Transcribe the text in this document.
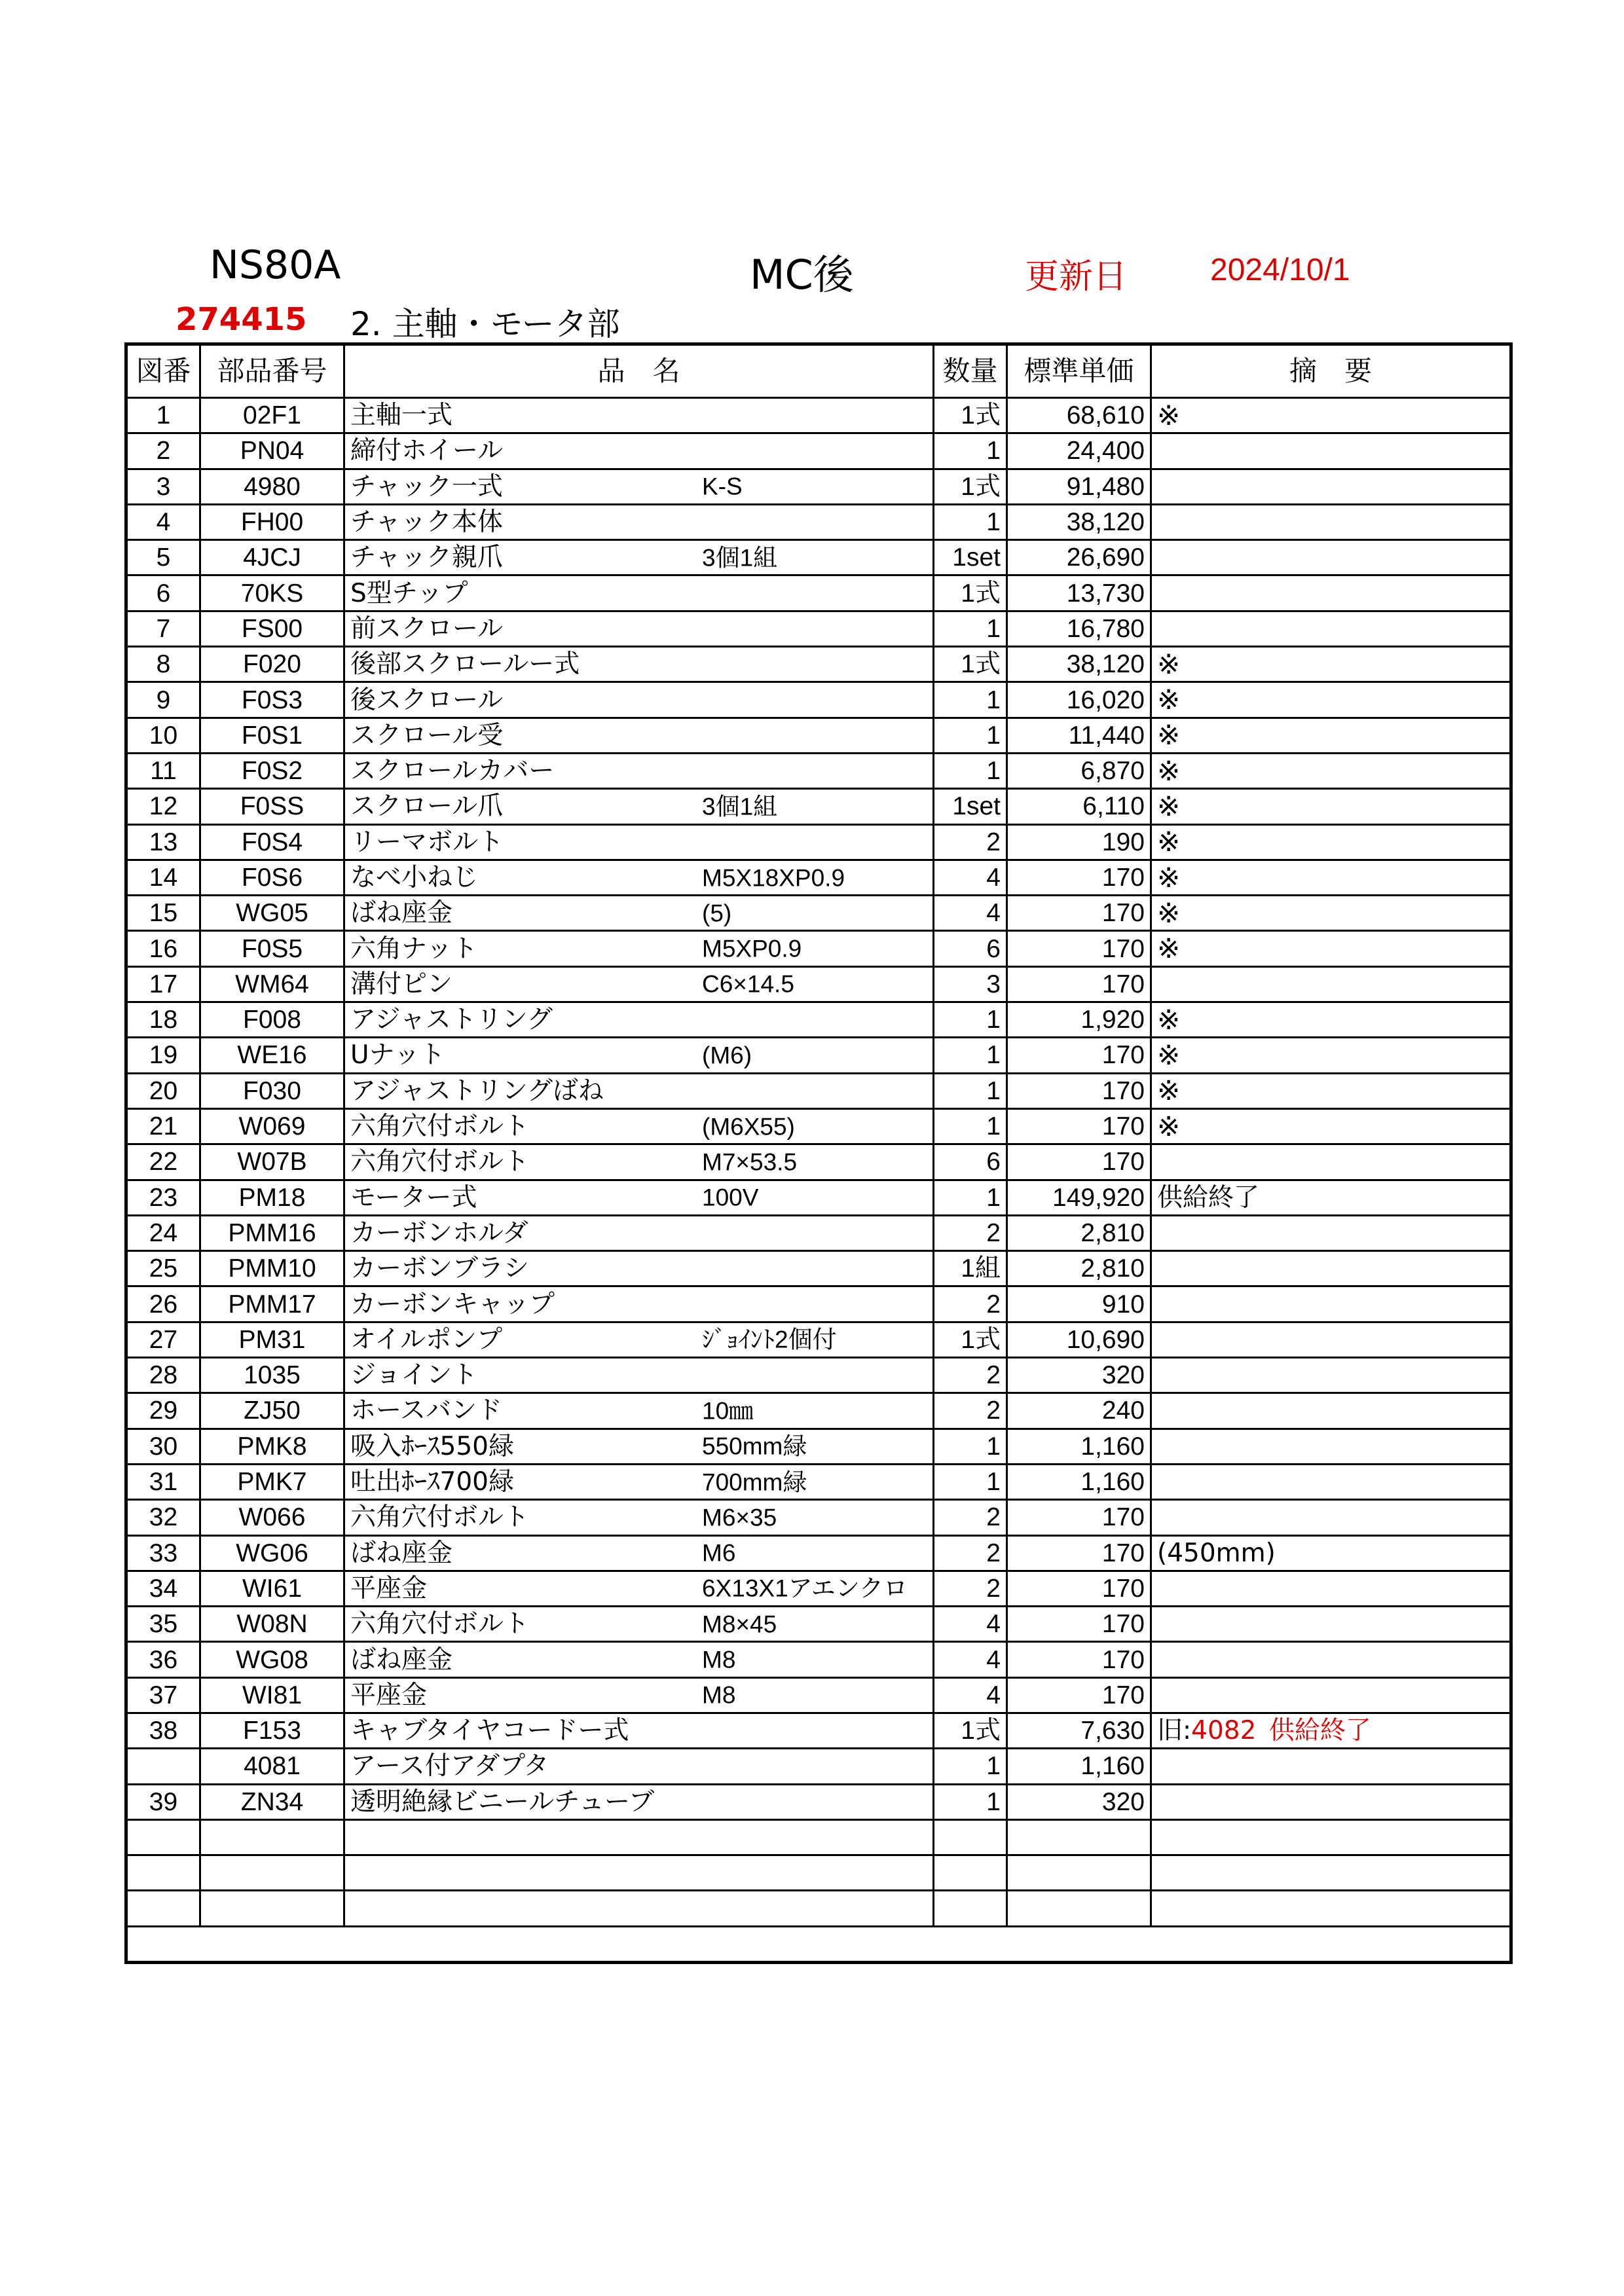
NS80A	MC後	更新日	2024/10/1
274415 2. 主軸・モータ部
図番	部品番号	品　名	数量	標準単価	摘　要
1	02F1	主軸一式	1式	68,610	※
2	PN04	締付ホイール	1	24,400	
3	4980	チャック一式 K-S	1式	91,480	
4	FH00	チャック本体	1	38,120	
5	4JCJ	チャック親爪 3個1組	1set	26,690	
6	70KS	S型チップ	1式	13,730	
7	FS00	前スクロール	1	16,780	
8	F020	後部スクロールー式	1式	38,120	※
9	F0S3	後スクロール	1	16,020	※
10	F0S1	スクロール受	1	11,440	※
11	F0S2	スクロールカバー	1	6,870	※
12	F0SS	スクロール爪 3個1組	1set	6,110	※
13	F0S4	リーマボルト	2	190	※
14	F0S6	なべ小ねじ M5X18XP0.9	4	170	※
15	WG05	ばね座金 (5)	4	170	※
16	F0S5	六角ナット M5XP0.9	6	170	※
17	WM64	溝付ピン C6×14.5	3	170	
18	F008	アジャストリング	1	1,920	※
19	WE16	Uナット (M6)	1	170	※
20	F030	アジャストリングばね	1	170	※
21	W069	六角穴付ボルト (M6X55)	1	170	※
22	W07B	六角穴付ボルト M7×53.5	6	170	
23	PM18	モーター式 100V	1	149,920	供給終了
24	PMM16	カーボンホルダ	2	2,810	
25	PMM10	カーボンブラシ	1組	2,810	
26	PMM17	カーボンキャップ	2	910	
27	PM31	オイルポンプ ｼﾞｮｲﾝﾄ2個付	1式	10,690	
28	1035	ジョイント	2	320	
29	ZJ50	ホースバンド 10㎜	2	240	
30	PMK8	吸入ﾎｰｽ550緑 550mm緑	1	1,160	
31	PMK7	吐出ﾎｰｽ700緑 700mm緑	1	1,160	
32	W066	六角穴付ボルト M6×35	2	170	
33	WG06	ばね座金 M6	2	170	(450mm)
34	WI61	平座金 6X13X1アエンクロ	2	170	
35	W08N	六角穴付ボルト M8×45	4	170	
36	WG08	ばね座金 M8	4	170	
37	WI81	平座金 M8	4	170	
38	F153	キャブタイヤコードー式	1式	7,630	旧:4082  供給終了
	4081	アース付アダプタ	1	1,160	
39	ZN34	透明絶縁ビニールチューブ	1	320	
